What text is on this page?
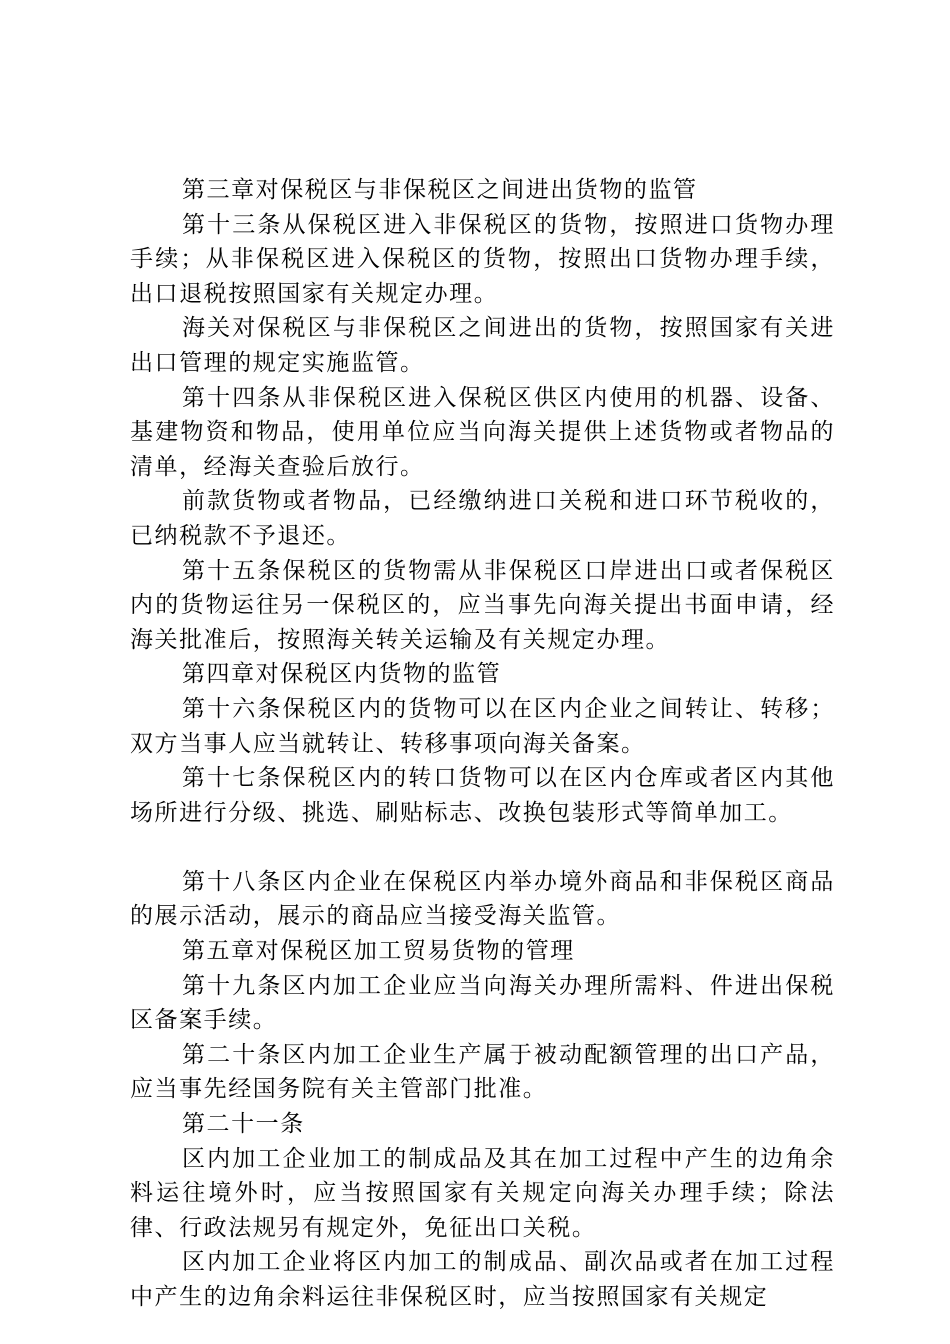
第三章对保税区与非保税区之间进出货物的监管

第十三条从保税区进入非保税区的货物，按照进口货物办理手续；从非保税区进入保税区的货物，按照出口货物办理手续，出口退税按照国家有关规定办理。

海关对保税区与非保税区之间进出的货物，按照国家有关进出口管理的规定实施监管。

第十四条从非保税区进入保税区供区内使用的机器、设备、基建物资和物品，使用单位应当向海关提供上述货物或者物品的清单，经海关查验后放行。

前款货物或者物品，已经缴纳进口关税和进口环节税收的，已纳税款不予退还。

第十五条保税区的货物需从非保税区口岸进出口或者保税区内的货物运往另一保税区的，应当事先向海关提出书面申请，经海关批准后，按照海关转关运输及有关规定办理。

第四章对保税区内货物的监管

第十六条保税区内的货物可以在区内企业之间转让、转移；双方当事人应当就转让、转移事项向海关备案。

第十七条保税区内的转口货物可以在区内仓库或者区内其他场所进行分级、挑选、刷贴标志、改换包装形式等简单加工。

第十八条区内企业在保税区内举办境外商品和非保税区商品的展示活动，展示的商品应当接受海关监管。

第五章对保税区加工贸易货物的管理

第十九条区内加工企业应当向海关办理所需料、件进出保税区备案手续。

第二十条区内加工企业生产属于被动配额管理的出口产品，应当事先经国务院有关主管部门批准。

第二十一条

区内加工企业加工的制成品及其在加工过程中产生的边角余料运往境外时，应当按照国家有关规定向海关办理手续；除法律、行政法规另有规定外，免征出口关税。

区内加工企业将区内加工的制成品、副次品或者在加工过程中产生的边角余料运往非保税区时，应当按照国家有关规定
